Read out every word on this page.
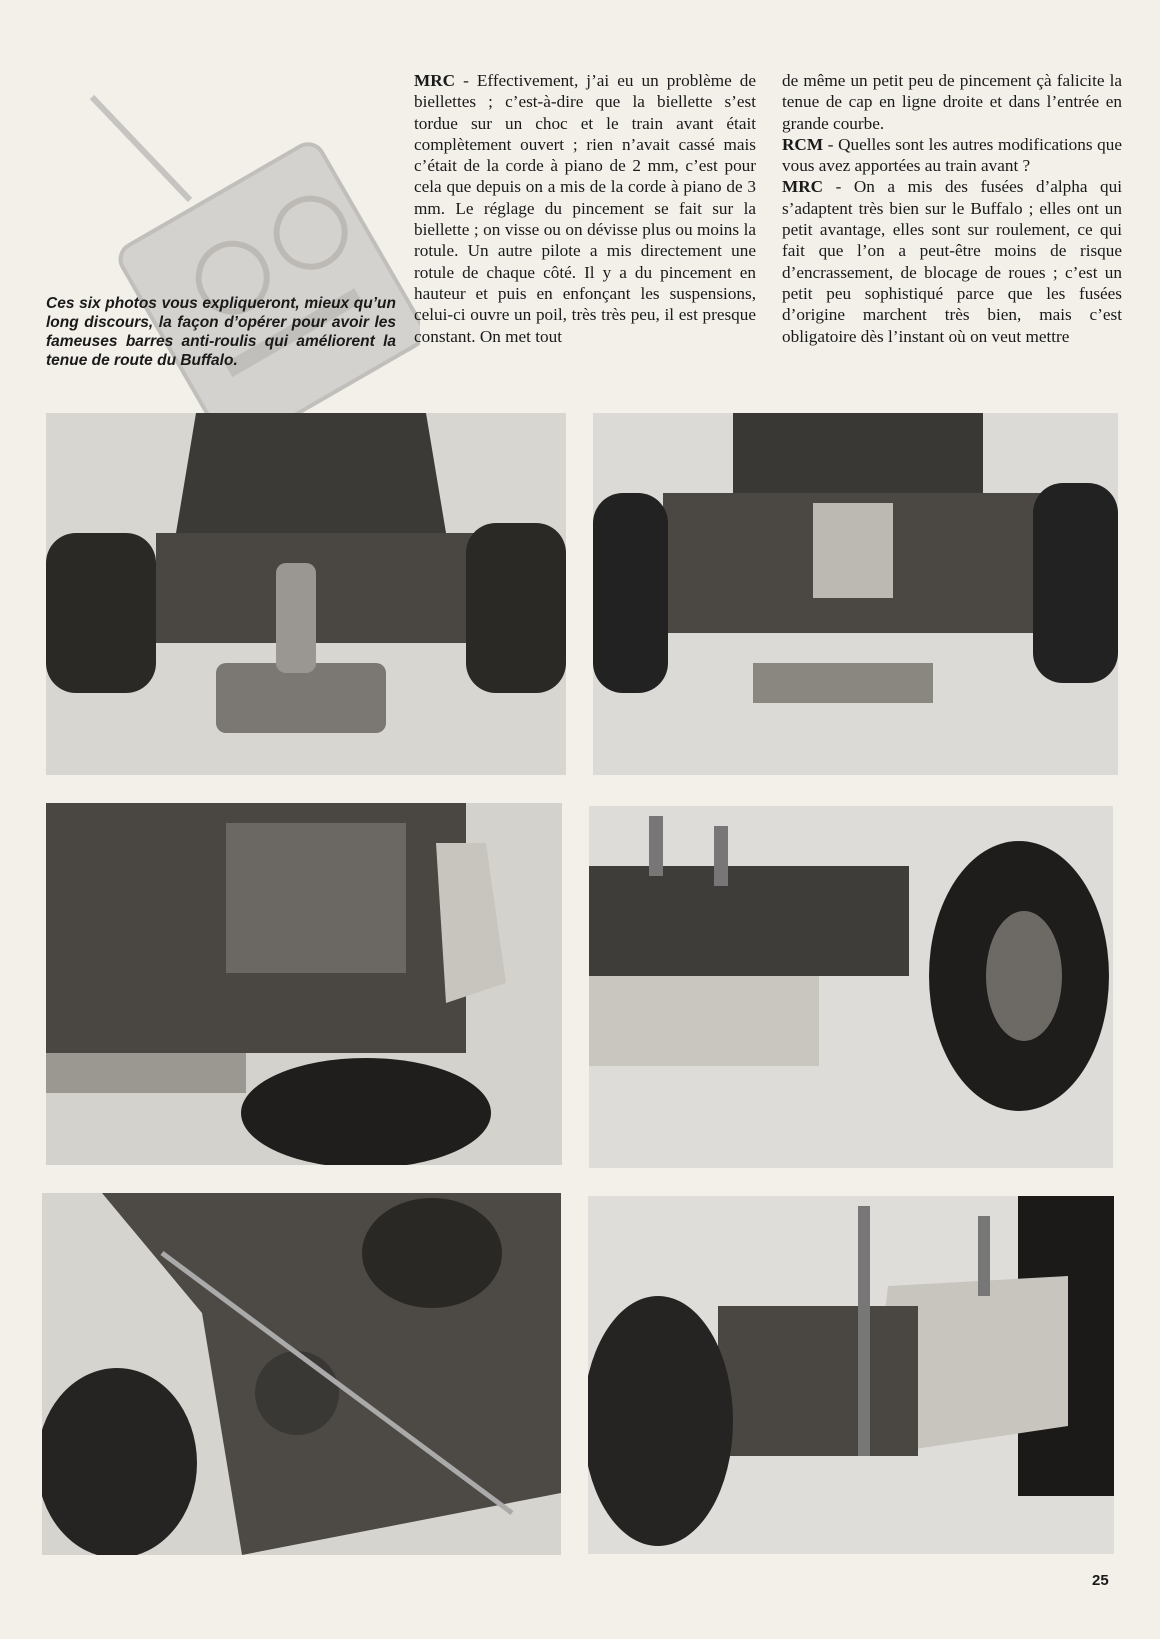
Ces six photos vous expliqueront, mieux qu’un long discours, la façon d’opérer pour avoir les fameuses barres anti-roulis qui améliorent la tenue de route du Buffalo.

MRC - Effectivement, j’ai eu un problème de biellettes ; c’est-à-dire que la biellette s’est tordue sur un choc et le train avant était complètement ouvert ; rien n’avait cassé mais c’était de la corde à piano de 2 mm, c’est pour cela que depuis on a mis de la corde à piano de 3 mm. Le réglage du pincement se fait sur la biellette ; on visse ou on dévisse plus ou moins la rotule. Un autre pilote a mis directement une rotule de chaque côté. Il y a du pincement en hauteur et puis en enfonçant les suspensions, celui-ci ouvre un poil, très très peu, il est presque constant. On met tout

de même un petit peu de pincement çà falicite la tenue de cap en ligne droite et dans l’entrée en grande courbe.

RCM - Quelles sont les autres modifications que vous avez apportées au train avant ?

MRC - On a mis des fusées d’alpha qui s’adaptent très bien sur le Buffalo ; elles ont un petit avantage, elles sont sur roulement, ce qui fait que l’on a peut-être moins de risque d’encrassement, de blocage de roues ; c’est un petit peu sophistiqué parce que les fusées d’origine marchent très bien, mais c’est obligatoire dès l’instant où on veut mettre

25
